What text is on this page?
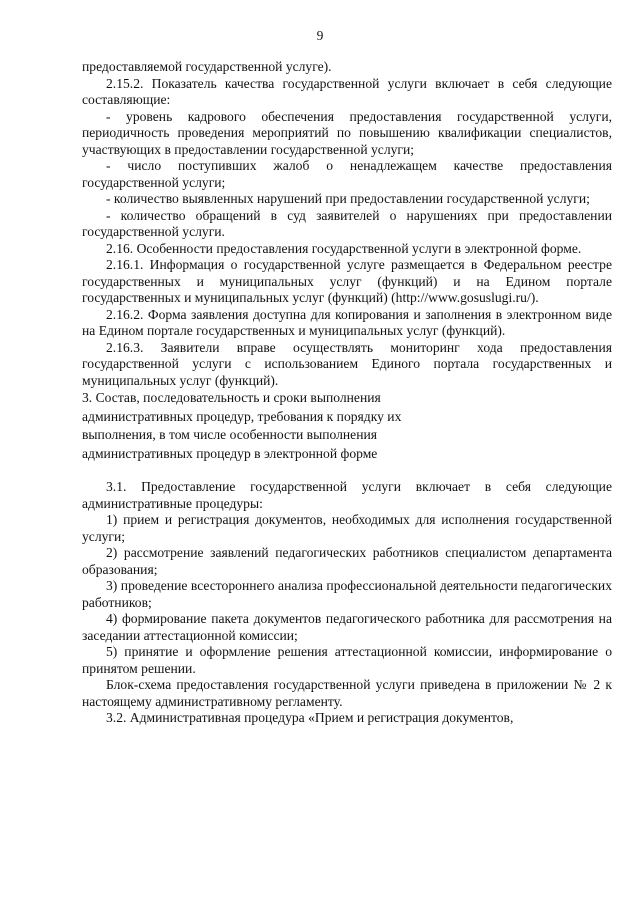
9

предоставляемой государственной услуге).

2.15.2. Показатель качества государственной услуги включает в себя следующие составляющие:

- уровень кадрового обеспечения предоставления государственной услуги, периодичность проведения мероприятий по повышению квалификации специалистов, участвующих в предоставлении государственной услуги;

- число поступивших жалоб о ненадлежащем качестве предоставления государственной услуги;

- количество выявленных нарушений при предоставлении государственной услуги;

- количество обращений в суд заявителей о нарушениях при предоставлении государственной услуги.

2.16. Особенности предоставления государственной услуги в электронной форме.

2.16.1. Информация о государственной услуге размещается в Федеральном реестре государственных и муниципальных услуг (функций) и на Едином портале государственных и муниципальных услуг (функций) (http://www.gosuslugi.ru/).

2.16.2. Форма заявления доступна для копирования и заполнения в электронном виде на Едином портале государственных и муниципальных услуг (функций).

2.16.3. Заявители вправе осуществлять мониторинг хода предоставления государственной услуги с использованием Единого портала государственных и муниципальных услуг (функций).

3. Состав, последовательность и сроки выполнения
административных процедур, требования к порядку их
выполнения, в том числе особенности выполнения
административных процедур в электронной форме

3.1. Предоставление государственной услуги включает в себя следующие административные процедуры:

1) прием и регистрация документов, необходимых для исполнения государственной услуги;

2) рассмотрение заявлений педагогических работников специалистом департамента образования;

3) проведение всестороннего анализа профессиональной деятельности педагогических работников;

4) формирование пакета документов педагогического работника для рассмотрения на заседании аттестационной комиссии;

5) принятие и оформление решения аттестационной комиссии, информирование о принятом решении.

Блок-схема предоставления государственной услуги приведена в приложении № 2 к настоящему административному регламенту.

3.2. Административная процедура «Прием и регистрация документов,
